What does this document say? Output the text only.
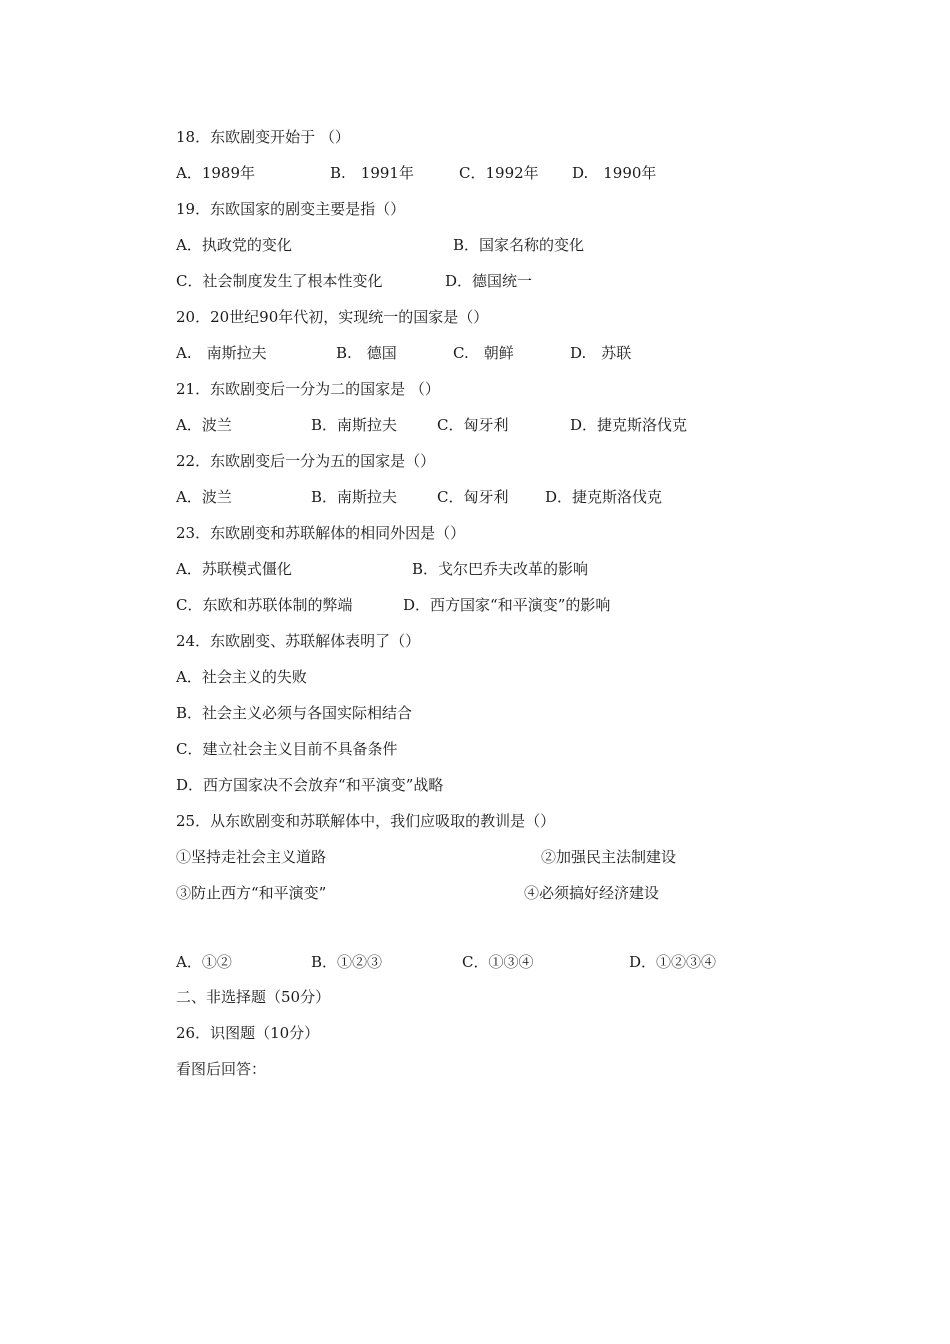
18．东欧剧变开始于 （）
A．1989年	B.　1991年	C．1992年 D.　1990年
19．东欧国家的剧变主要是指（）
A．执政党的变化	B．国家名称的变化
C．社会制度发生了根本性变化	D．德国统一
20．20世纪90年代初，实现统一的国家是（）
A.　南斯拉夫	B.　德国	C.　朝鲜	D.　苏联
21．东欧剧变后一分为二的国家是 （）
A．波兰	B．南斯拉夫	C．匈牙利	D．捷克斯洛伐克
22．东欧剧变后一分为五的国家是（）
A．波兰	B．南斯拉夫	C．匈牙利 D．捷克斯洛伐克
23．东欧剧变和苏联解体的相同外因是（）
A．苏联模式僵化	B．戈尔巴乔夫改革的影响
C．东欧和苏联体制的弊端	D．西方国家“和平演变”的影响
24．东欧剧变、苏联解体表明了（）
A．社会主义的失败
B．社会主义必须与各国实际相结合
C．建立社会主义目前不具备条件
D．西方国家决不会放弃“和平演变”战略
25．从东欧剧变和苏联解体中，我们应吸取的教训是（）
①坚持走社会主义道路	②加强民主法制建设
③防止西方“和平演变”	④必须搞好经济建设
A．①②	B．①②③	C．①③④	D．①②③④
二、非选择题（50分）
26．识图题（10分）
看图后回答：
